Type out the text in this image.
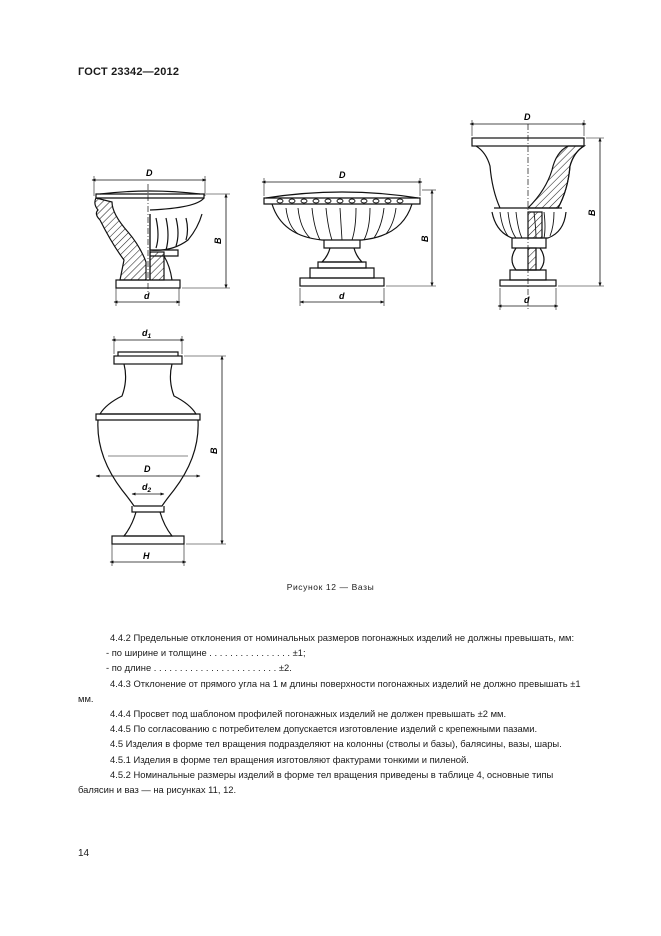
ГОСТ 23342—2012
D
d
B
D
d
B
D
d
B
$d_1$
D
$d_2$
H
B
Рисунок 12 — Вазы

4.4.2 Предельные отклонения от номинальных размеров погонажных изделий не должны превышать, мм:

- по ширине и толщине . . . . . . . . . . . . . . . . ±1;

- по длине . . . . . . . . . . . . . . . . . . . . . . . . ±2.

4.4.3 Отклонение от прямого угла на 1 м длины поверхности погонажных изделий не должно превышать ±1 мм.

4.4.4 Просвет под шаблоном профилей погонажных изделий не должен превышать ±2 мм.

4.4.5 По согласованию с потребителем допускается изготовление изделий с крепежными пазами.

4.5 Изделия в форме тел вращения подразделяют на колонны (стволы и базы), балясины, вазы, шары.

4.5.1 Изделия в форме тел вращения изготовляют фактурами тонкими и пиленой.

4.5.2 Номинальные размеры изделий в форме тел вращения приведены в таблице 4, основные типы балясин и ваз — на рисунках 11, 12.

14
